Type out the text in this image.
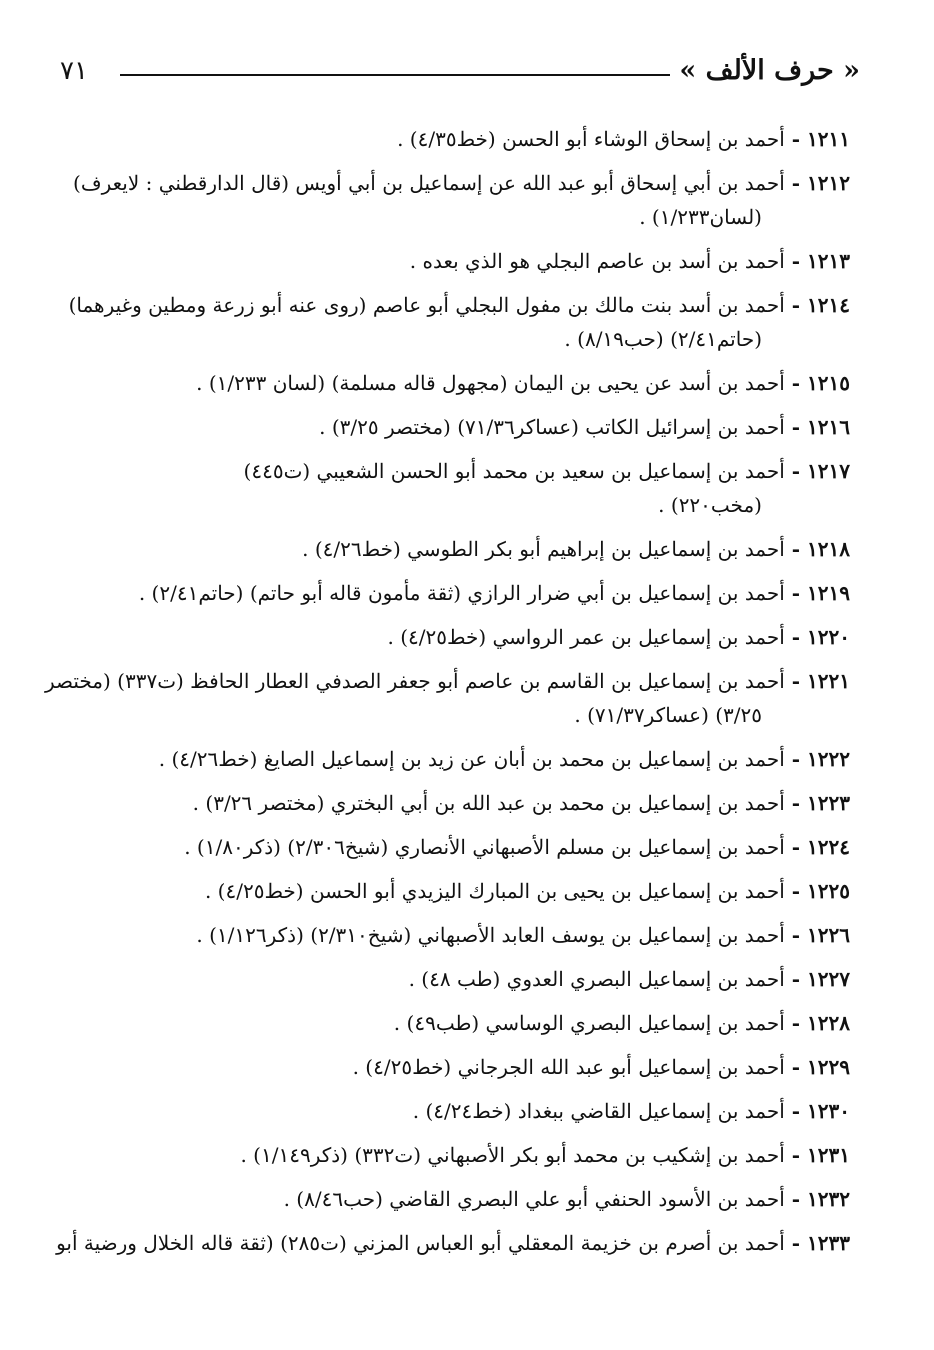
« حرف الألف »
٧١
١٢١١ - أحمد بن إسحاق الوشاء أبو الحسن (خط٤/٣٥) .
١٢١٢ - أحمد بن أبي إسحاق أبو عبد الله عن إسماعيل بن أبي أويس (قال الدارقطني : لايعرف)
(لسان١/٢٣٣) .
١٢١٣ - أحمد بن أسد بن عاصم البجلي هو الذي بعده .
١٢١٤ - أحمد بن أسد بنت مالك بن مفول البجلي أبو عاصم (روى عنه أبو زرعة ومطين وغيرهما)
(حاتم٢/٤١) (حب٨/١٩) .
١٢١٥ - أحمد بن أسد عن يحيى بن اليمان (مجهول قاله مسلمة) (لسان ١/٢٣٣) .
١٢١٦ - أحمد بن إسرائيل الكاتب (عساكر٧١/٣٦) (مختصر ٣/٢٥) .
١٢١٧ - أحمد بن إسماعيل بن سعيد بن محمد أبو الحسن الشعيبي (ت٤٤٥)
(مخب٢٢٠) .
١٢١٨ - أحمد بن إسماعيل بن إبراهيم أبو بكر الطوسي (خط٤/٢٦) .
١٢١٩ - أحمد بن إسماعيل بن أبي ضرار الرازي (ثقة مأمون قاله أبو حاتم) (حاتم٢/٤١) .
١٢٢٠ - أحمد بن إسماعيل بن عمر الرواسي (خط٤/٢٥) .
١٢٢١ - أحمد بن إسماعيل بن القاسم بن عاصم أبو جعفر الصدفي العطار الحافظ (ت٣٣٧) (مختصر
٣/٢٥) (عساكر٧١/٣٧) .
١٢٢٢ - أحمد بن إسماعيل بن محمد بن أبان عن زيد بن إسماعيل الصايغ (خط٤/٢٦) .
١٢٢٣ - أحمد بن إسماعيل بن محمد بن عبد الله بن أبي البختري (مختصر ٣/٢٦) .
١٢٢٤ - أحمد بن إسماعيل بن مسلم الأصبهاني الأنصاري (شيخ٢/٣٠٦) (ذكر١/٨٠) .
١٢٢٥ - أحمد بن إسماعيل بن يحيى بن المبارك اليزيدي أبو الحسن (خط٤/٢٥) .
١٢٢٦ - أحمد بن إسماعيل بن يوسف العابد الأصبهاني (شيخ٢/٣١٠) (ذكر١/١٢٦) .
١٢٢٧ - أحمد بن إسماعيل البصري العدوي (طب ٤٨) .
١٢٢٨ - أحمد بن إسماعيل البصري الوساسي (طب٤٩) .
١٢٢٩ - أحمد بن إسماعيل أبو عبد الله الجرجاني (خط٤/٢٥) .
١٢٣٠ - أحمد بن إسماعيل القاضي ببغداد (خط٤/٢٤) .
١٢٣١ - أحمد بن إشكيب بن محمد أبو بكر الأصبهاني (ت٣٣٢) (ذكر١/١٤٩) .
١٢٣٢ - أحمد بن الأسود الحنفي أبو علي البصري القاضي (حب٨/٤٦) .
١٢٣٣ - أحمد بن أصرم بن خزيمة المعقلي أبو العباس المزني (ت٢٨٥) (ثقة قاله الخلال ورضية أبو
